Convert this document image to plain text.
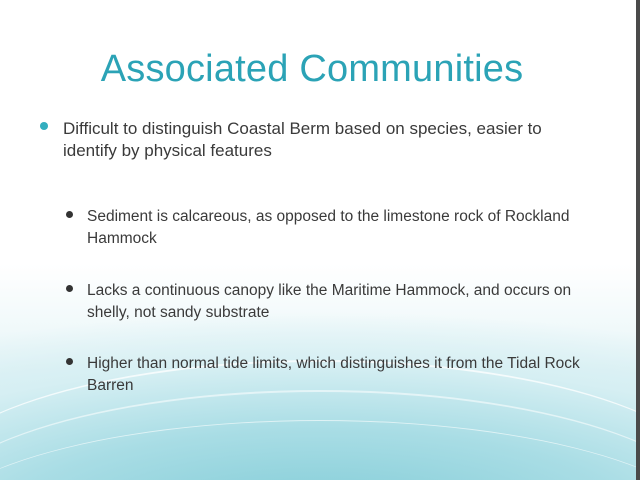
Associated Communities
Difficult to distinguish Coastal Berm based on species, easier to identify by physical features
Sediment is calcareous, as opposed to the limestone rock of Rockland Hammock
Lacks a continuous canopy like the Maritime Hammock, and occurs on shelly, not sandy substrate
Higher than normal tide limits, which distinguishes it from the Tidal Rock Barren
